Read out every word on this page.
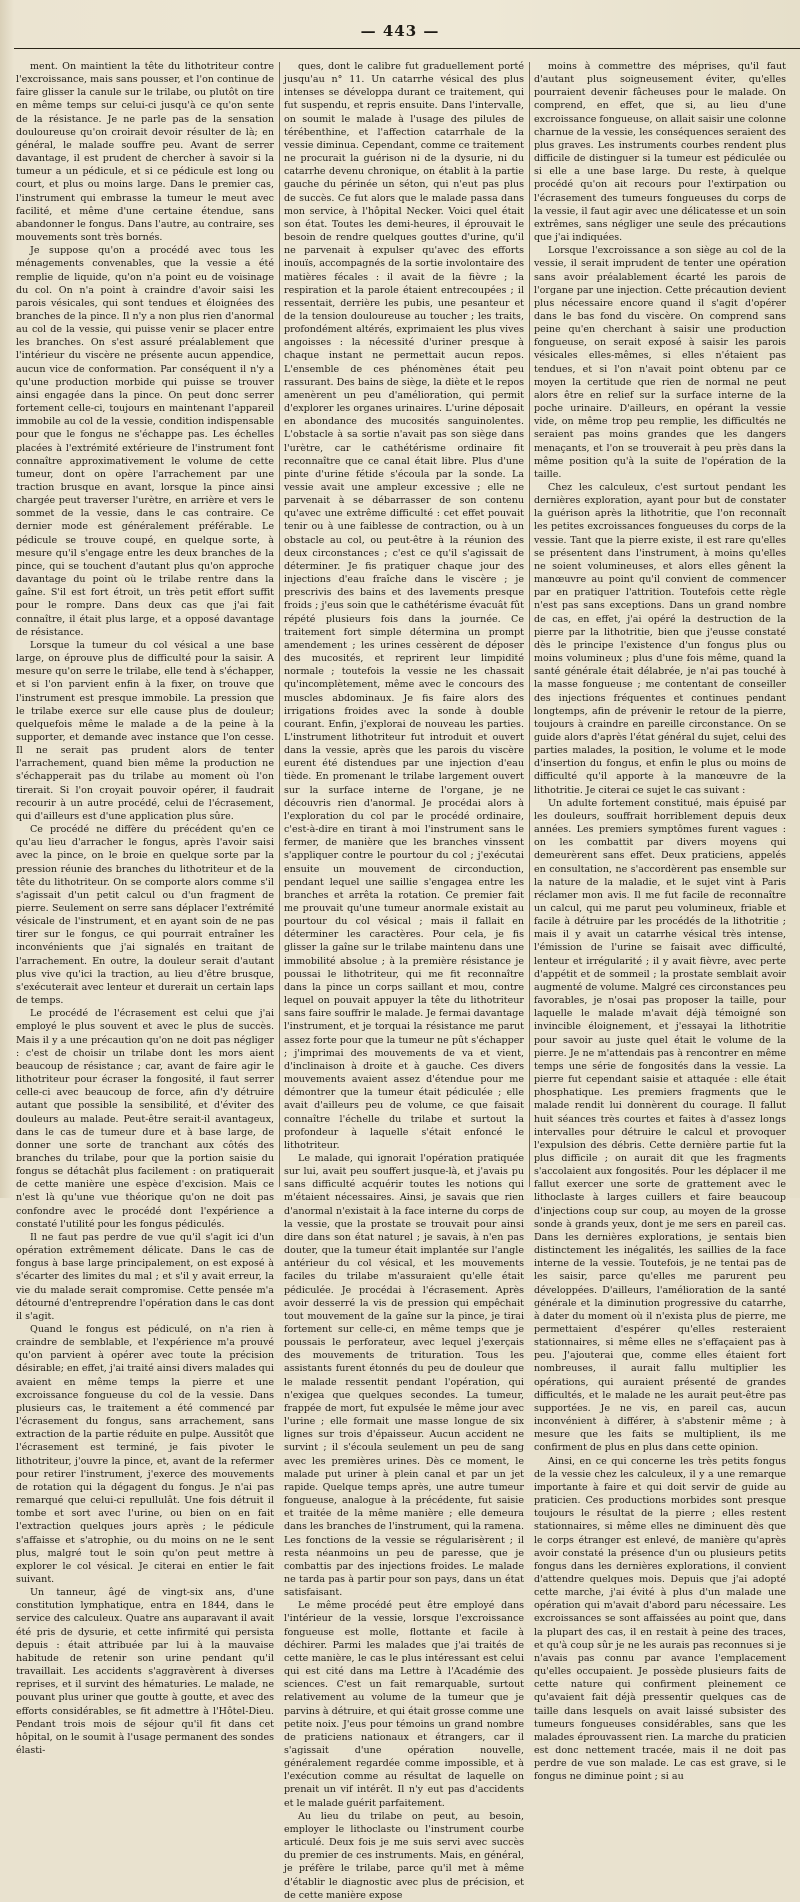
— 443 —

ment. On maintient la tête du lithotriteur contre l'excroissance, mais sans pousser, et l'on continue de faire glisser la canule sur le trilabe, ou plutôt on tire en même temps sur celui-ci jusqu'à ce qu'on sente de la résistance. Je ne parle pas de la sensation douloureuse qu'on croirait devoir résulter de là; en général, le malade souffre peu. Avant de serrer davantage, il est prudent de chercher à savoir si la tumeur a un pédicule, et si ce pédicule est long ou court, et plus ou moins large. Dans le premier cas, l'instrument qui embrasse la tumeur le meut avec facilité, et même d'une certaine étendue, sans abandonner le fongus. Dans l'autre, au contraire, ses mouvements sont très bornés.

Je suppose qu'on a procédé avec tous les ménagements convenables, que la vessie a été remplie de liquide, qu'on n'a point eu de voisinage du col. On n'a point à craindre d'avoir saisi les parois vésicales, qui sont tendues et éloignées des branches de la pince. Il n'y a non plus rien d'anormal au col de la vessie, qui puisse venir se placer entre les branches. On s'est assuré préalablement que l'intérieur du viscère ne présente aucun appendice, aucun vice de conformation. Par conséquent il n'y a qu'une production morbide qui puisse se trouver ainsi engagée dans la pince. On peut donc serrer fortement celle-ci, toujours en maintenant l'appareil immobile au col de la vessie, condition indispensable pour que le fongus ne s'échappe pas. Les échelles placées à l'extrémité extérieure de l'instrument font connaître approximativement le volume de cette tumeur, dont on opère l'arrachement par une traction brusque en avant, lorsque la pince ainsi chargée peut traverser l'urètre, en arrière et vers le sommet de la vessie, dans le cas contraire. Ce dernier mode est généralement préférable. Le pédicule se trouve coupé, en quelque sorte, à mesure qu'il s'engage entre les deux branches de la pince, qui se touchent d'autant plus qu'on approche davantage du point où le trilabe rentre dans la gaîne. S'il est fort étroit, un très petit effort suffit pour le rompre. Dans deux cas que j'ai fait connaître, il était plus large, et a opposé davantage de résistance.

Lorsque la tumeur du col vésical a une base large, on éprouve plus de difficulté pour la saisir. A mesure qu'on serre le trilabe, elle tend à s'échapper, et si l'on parvient enfin à la fixer, on trouve que l'instrument est presque immobile. La pression que le trilabe exerce sur elle cause plus de douleur; quelquefois même le malade a de la peine à la supporter, et demande avec instance que l'on cesse. Il ne serait pas prudent alors de tenter l'arrachement, quand bien même la production ne s'échapperait pas du trilabe au moment où l'on tirerait. Si l'on croyait pouvoir opérer, il faudrait recourir à un autre procédé, celui de l'écrasement, qui d'ailleurs est d'une application plus sûre.

Ce procédé ne diffère du précédent qu'en ce qu'au lieu d'arracher le fongus, après l'avoir saisi avec la pince, on le broie en quelque sorte par la pression réunie des branches du lithotriteur et de la tête du lithotriteur. On se comporte alors comme s'il s'agissait d'un petit calcul ou d'un fragment de pierre. Seulement on serre sans déplacer l'extrémité vésicale de l'instrument, et en ayant soin de ne pas tirer sur le fongus, ce qui pourrait entraîner les inconvénients que j'ai signalés en traitant de l'arrachement. En outre, la douleur serait d'autant plus vive qu'ici la traction, au lieu d'être brusque, s'exécuterait avec lenteur et durerait un certain laps de temps.

Le procédé de l'écrasement est celui que j'ai employé le plus souvent et avec le plus de succès. Mais il y a une précaution qu'on ne doit pas négliger : c'est de choisir un trilabe dont les mors aient beaucoup de résistance ; car, avant de faire agir le lithotriteur pour écraser la fongosité, il faut serrer celle-ci avec beaucoup de force, afin d'y détruire autant que possible la sensibilité, et d'éviter des douleurs au malade. Peut-être serait-il avantageux, dans le cas de tumeur dure et à base large, de donner une sorte de tranchant aux côtés des branches du trilabe, pour que la portion saisie du fongus se détachât plus facilement : on pratiquerait de cette manière une espèce d'excision. Mais ce n'est là qu'une vue théorique qu'on ne doit pas confondre avec le procédé dont l'expérience a constaté l'utilité pour les fongus pédiculés.

Il ne faut pas perdre de vue qu'il s'agit ici d'un opération extrêmement délicate. Dans le cas de fongus à base large principalement, on est exposé à s'écarter des limites du mal ; et s'il y avait erreur, la vie du malade serait compromise. Cette pensée m'a détourné d'entreprendre l'opération dans le cas dont il s'agit.

Quand le fongus est pédiculé, on n'a rien à craindre de semblable, et l'expérience m'a prouvé qu'on parvient à opérer avec toute la précision désirable; en effet, j'ai traité ainsi divers malades qui avaient en même temps la pierre et une excroissance fongueuse du col de la vessie. Dans plusieurs cas, le traitement a été commencé par l'écrasement du fongus, sans arrachement, sans extraction de la partie réduite en pulpe. Aussitôt que l'écrasement est terminé, je fais pivoter le lithotriteur, j'ouvre la pince, et, avant de la refermer pour retirer l'instrument, j'exerce des mouvements de rotation qui la dégagent du fongus. Je n'ai pas remarqué que celui-ci repullulât. Une fois détruit il tombe et sort avec l'urine, ou bien on en fait l'extraction quelques jours après ; le pédicule s'affaisse et s'atrophie, ou du moins on ne le sent plus, malgré tout le soin qu'on peut mettre à explorer le col vésical. Je citerai en entier le fait suivant.

Un tanneur, âgé de vingt-six ans, d'une constitution lymphatique, entra en 1844, dans le service des calculeux. Quatre ans auparavant il avait été pris de dysurie, et cette infirmité qui persista depuis : était attribuée par lui à la mauvaise habitude de retenir son urine pendant qu'il travaillait. Les accidents s'aggravèrent à diverses reprises, et il survint des hématuries. Le malade, ne pouvant plus uriner que goutte à goutte, et avec des efforts considérables, se fit admettre à l'Hôtel-Dieu. Pendant trois mois de séjour qu'il fit dans cet hôpital, on le soumit à l'usage permanent des sondes élasti-

ques, dont le calibre fut graduellement porté jusqu'au n° 11. Un catarrhe vésical des plus intenses se développa durant ce traitement, qui fut suspendu, et repris ensuite. Dans l'intervalle, on soumit le malade à l'usage des pilules de térébenthine, et l'affection catarrhale de la vessie diminua. Cependant, comme ce traitement ne procurait la guérison ni de la dysurie, ni du catarrhe devenu chronique, on établit à la partie gauche du périnée un séton, qui n'eut pas plus de succès. Ce fut alors que le malade passa dans mon service, à l'hôpital Necker. Voici quel était son état. Toutes les demi-heures, il éprouvait le besoin de rendre quelques gouttes d'urine, qu'il ne parvenait à expulser qu'avec des efforts inouïs, accompagnés de la sortie involontaire des matières fécales : il avait de la fièvre ; la respiration et la parole étaient entrecoupées ; il ressentait, derrière les pubis, une pesanteur et de la tension douloureuse au toucher ; les traits, profondément altérés, exprimaient les plus vives angoisses : la nécessité d'uriner presque à chaque instant ne permettait aucun repos. L'ensemble de ces phénomènes était peu rassurant. Des bains de siège, la diète et le repos amenèrent un peu d'amélioration, qui permit d'explorer les organes urinaires. L'urine déposait en abondance des mucosités sanguinolentes. L'obstacle à sa sortie n'avait pas son siège dans l'urètre, car le cathétérisme ordinaire fit reconnaître que ce canal était libre. Plus d'une pinte d'urine fétide s'écoula par la sonde. La vessie avait une ampleur excessive ; elle ne parvenait à se débarrasser de son contenu qu'avec une extrême difficulté : cet effet pouvait tenir ou à une faiblesse de contraction, ou à un obstacle au col, ou peut-être à la réunion des deux circonstances ; c'est ce qu'il s'agissait de déterminer. Je fis pratiquer chaque jour des injections d'eau fraîche dans le viscère ; je prescrivis des bains et des lavements presque froids ; j'eus soin que le cathétérisme évacuât fût répété plusieurs fois dans la journée. Ce traitement fort simple détermina un prompt amendement ; les urines cessèrent de déposer des mucosités, et reprirent leur limpidité normale ; toutefois la vessie ne les chassait qu'incomplètement, même avec le concours des muscles abdominaux. Je fis faire alors des irrigations froides avec la sonde à double courant. Enfin, j'explorai de nouveau les parties. L'instrument lithotriteur fut introduit et ouvert dans la vessie, après que les parois du viscère eurent été distendues par une injection d'eau tiède. En promenant le trilabe largement ouvert sur la surface interne de l'organe, je ne découvris rien d'anormal. Je procédai alors à l'exploration du col par le procédé ordinaire, c'est-à-dire en tirant à moi l'instrument sans le fermer, de manière que les branches vinssent s'appliquer contre le pourtour du col ; j'exécutai ensuite un mouvement de circonduction, pendant lequel une saillie s'engagea entre les branches et arrêta la rotation. Ce premier fait me prouvait qu'une tumeur anormale existait au pourtour du col vésical ; mais il fallait en déterminer les caractères. Pour cela, je fis glisser la gaîne sur le trilabe maintenu dans une immobilité absolue ; à la première résistance je poussai le lithotriteur, qui me fit reconnaître dans la pince un corps saillant et mou, contre lequel on pouvait appuyer la tête du lithotriteur sans faire souffrir le malade. Je fermai davantage l'instrument, et je torquai la résistance me parut assez forte pour que la tumeur ne pût s'échapper ; j'imprimai des mouvements de va et vient, d'inclinaison à droite et à gauche. Ces divers mouvements avaient assez d'étendue pour me démontrer que la tumeur était pédiculée ; elle avait d'ailleurs peu de volume, ce que faisait connaître l'échelle du trilabe et surtout la profondeur à laquelle s'était enfoncé le lithotriteur.

Le malade, qui ignorait l'opération pratiquée sur lui, avait peu souffert jusque-là, et j'avais pu sans difficulté acquérir toutes les notions qui m'étaient nécessaires. Ainsi, je savais que rien d'anormal n'existait à la face interne du corps de la vessie, que la prostate se trouvait pour ainsi dire dans son état naturel ; je savais, à n'en pas douter, que la tumeur était implantée sur l'angle antérieur du col vésical, et les mouvements faciles du trilabe m'assuraient qu'elle était pédiculée. Je procédai à l'écrasement. Après avoir desserré la vis de pression qui empêchait tout mouvement de la gaîne sur la pince, je tirai fortement sur celle-ci, en même temps que je poussais le perforateur, avec lequel j'exerçais des mouvements de trituration. Tous les assistants furent étonnés du peu de douleur que le malade ressentit pendant l'opération, qui n'exigea que quelques secondes. La tumeur, frappée de mort, fut expulsée le même jour avec l'urine ; elle formait une masse longue de six lignes sur trois d'épaisseur. Aucun accident ne survint ; il s'écoula seulement un peu de sang avec les premières urines. Dès ce moment, le malade put uriner à plein canal et par un jet rapide. Quelque temps après, une autre tumeur fongueuse, analogue à la précédente, fut saisie et traitée de la même manière ; elle demeura dans les branches de l'instrument, qui la ramena. Les fonctions de la vessie se régularisèrent ; il resta néanmoins un peu de paresse, que je combattis par des injections froides. Le malade ne tarda pas à partir pour son pays, dans un état satisfaisant.

Le même procédé peut être employé dans l'intérieur de la vessie, lorsque l'excroissance fongueuse est molle, flottante et facile à déchirer. Parmi les malades que j'ai traités de cette manière, le cas le plus intéressant est celui qui est cité dans ma Lettre à l'Académie des sciences. C'est un fait remarquable, surtout relativement au volume de la tumeur que je parvins à détruire, et qui était grosse comme une petite noix. J'eus pour témoins un grand nombre de praticiens nationaux et étrangers, car il s'agissait d'une opération nouvelle, généralement regardée comme impossible, et à l'exécution comme au résultat de laquelle on prenait un vif intérêt. Il n'y eut pas d'accidents et le malade guérit parfaitement.

Au lieu du trilabe on peut, au besoin, employer le lithoclaste ou l'instrument courbe articulé. Deux fois je me suis servi avec succès du premier de ces instruments. Mais, en général, je préfère le trilabe, parce qu'il met à même d'établir le diagnostic avec plus de précision, et de cette manière expose

moins à commettre des méprises, qu'il faut d'autant plus soigneusement éviter, qu'elles pourraient devenir fâcheuses pour le malade. On comprend, en effet, que si, au lieu d'une excroissance fongueuse, on allait saisir une colonne charnue de la vessie, les conséquences seraient des plus graves. Les instruments courbes rendent plus difficile de distinguer si la tumeur est pédiculée ou si elle a une base large. Du reste, à quelque procédé qu'on ait recours pour l'extirpation ou l'écrasement des tumeurs fongueuses du corps de la vessie, il faut agir avec une délicatesse et un soin extrêmes, sans négliger une seule des précautions que j'ai indiquées.

Lorsque l'excroissance a son siège au col de la vessie, il serait imprudent de tenter une opération sans avoir préalablement écarté les parois de l'organe par une injection. Cette précaution devient plus nécessaire encore quand il s'agit d'opérer dans le bas fond du viscère. On comprend sans peine qu'en cherchant à saisir une production fongueuse, on serait exposé à saisir les parois vésicales elles-mêmes, si elles n'étaient pas tendues, et si l'on n'avait point obtenu par ce moyen la certitude que rien de normal ne peut alors être en relief sur la surface interne de la poche urinaire. D'ailleurs, en opérant la vessie vide, on même trop peu remplie, les difficultés ne seraient pas moins grandes que les dangers menaçants, et l'on se trouverait à peu près dans la même position qu'à la suite de l'opération de la taille.

Chez les calculeux, c'est surtout pendant les dernières exploration, ayant pour but de constater la guérison après la lithotritie, que l'on reconnaît les petites excroissances fongueuses du corps de la vessie. Tant que la pierre existe, il est rare qu'elles se présentent dans l'instrument, à moins qu'elles ne soient volumineuses, et alors elles gênent la manœuvre au point qu'il convient de commencer par en pratiquer l'attrition. Toutefois cette règle n'est pas sans exceptions. Dans un grand nombre de cas, en effet, j'ai opéré la destruction de la pierre par la lithotritie, bien que j'eusse constaté dès le principe l'existence d'un fongus plus ou moins volumineux ; plus d'une fois même, quand la santé générale était délabrée, je n'ai pas touché à la masse fongueuse ; me contentant de conseiller des injections fréquentes et continues pendant longtemps, afin de prévenir le retour de la pierre, toujours à craindre en pareille circonstance. On se guide alors d'après l'état général du sujet, celui des parties malades, la position, le volume et le mode d'insertion du fongus, et enfin le plus ou moins de difficulté qu'il apporte à la manœuvre de la lithotritie. Je citerai ce sujet le cas suivant :

Un adulte fortement constitué, mais épuisé par les douleurs, souffrait horriblement depuis deux années. Les premiers symptômes furent vagues : on les combattit par divers moyens qui demeurèrent sans effet. Deux praticiens, appelés en consultation, ne s'accordèrent pas ensemble sur la nature de la maladie, et le sujet vint à Paris réclamer mon avis. Il me fut facile de reconnaître un calcul, qui me parut peu volumineux, friable et facile à détruire par les procédés de la lithotritie ; mais il y avait un catarrhe vésical très intense, l'émission de l'urine se faisait avec difficulté, lenteur et irrégularité ; il y avait fièvre, avec perte d'appétit et de sommeil ; la prostate semblait avoir augmenté de volume. Malgré ces circonstances peu favorables, je n'osai pas proposer la taille, pour laquelle le malade m'avait déjà témoigné son invincible éloignement, et j'essayai la lithotritie pour savoir au juste quel était le volume de la pierre. Je ne m'attendais pas à rencontrer en même temps une série de fongosités dans la vessie. La pierre fut cependant saisie et attaquée : elle était phosphatique. Les premiers fragments que le malade rendit lui donnèrent du courage. Il fallut huit séances très courtes et faites à d'assez longs intervalles pour détruire le calcul et provoquer l'expulsion des débris. Cette dernière partie fut la plus difficile ; on aurait dit que les fragments s'accolaient aux fongosités. Pour les déplacer il me fallut exercer une sorte de grattement avec le lithoclaste à larges cuillers et faire beaucoup d'injections coup sur coup, au moyen de la grosse sonde à grands yeux, dont je me sers en pareil cas. Dans les dernières explorations, je sentais bien distinctement les inégalités, les saillies de la face interne de la vessie. Toutefois, je ne tentai pas de les saisir, parce qu'elles me parurent peu développées. D'ailleurs, l'amélioration de la santé générale et la diminution progressive du catarrhe, à dater du moment où il n'exista plus de pierre, me permettaient d'espérer qu'elles resteraient stationnaires, si même elles ne s'effaçaient pas à peu. J'ajouterai que, comme elles étaient fort nombreuses, il aurait fallu multiplier les opérations, qui auraient présenté de grandes difficultés, et le malade ne les aurait peut-être pas supportées. Je ne vis, en pareil cas, aucun inconvénient à différer, à s'abstenir même ; à mesure que les faits se multiplient, ils me confirment de plus en plus dans cette opinion.

Ainsi, en ce qui concerne les très petits fongus de la vessie chez les calculeux, il y a une remarque importante à faire et qui doit servir de guide au praticien. Ces productions morbides sont presque toujours le résultat de la pierre ; elles restent stationnaires, si même elles ne diminuent dès que le corps étranger est enlevé, de manière qu'après avoir constaté la présence d'un ou plusieurs petits fongus dans les dernières explorations, il convient d'attendre quelques mois. Depuis que j'ai adopté cette marche, j'ai évité à plus d'un malade une opération qui m'avait d'abord paru nécessaire. Les excroissances se sont affaissées au point que, dans la plupart des cas, il en restait à peine des traces, et qu'à coup sûr je ne les aurais pas reconnues si je n'avais pas connu par avance l'emplacement qu'elles occupaient. Je possède plusieurs faits de cette nature qui confirment pleinement ce qu'avaient fait déjà pressentir quelques cas de taille dans lesquels on avait laissé subsister des tumeurs fongueuses considérables, sans que les malades éprouvassent rien. La marche du praticien est donc nettement tracée, mais il ne doit pas perdre de vue son malade. Le cas est grave, si le fongus ne diminue point ; si au
